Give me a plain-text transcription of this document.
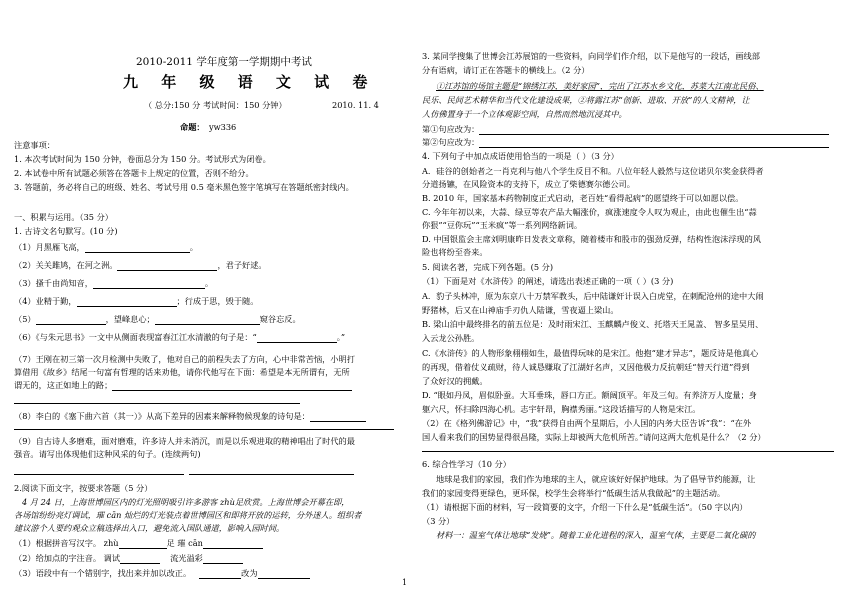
2010-2011 学年度第一学期期中考试
九 年 级 语 文 试 卷
（ 总分:150 分 考试时间：150 分钟）	2010. 11. 4
命题： yw336
注意事项：
1. 本次考试时间为 150 分钟，卷面总分为 150 分。考试形式为闭卷。
2. 本试卷中所有试题必须答在答题卡上规定的位置，否则不给分。
3. 答题前，务必将自己的班级、姓名、考试号用 0.5 毫米黑色签字笔填写在答题纸密封线内。
一、积累与运用。（35 分）
1. 古诗文名句默写。(10 分)
（1）月黑雁飞高，	。
（2）关关雎鸠，在河之洲。	，君子好逑。
（3）搔千由尚知音，	。
（4）业精于勤，	；行成于思，毁于随。
（5）	，望峰息心；	窥谷忘反。
（6）《与朱元思书》一文中从侧面表现富春江江水清澈的句子是：“	。”
（7）王刚在初三第一次月检测中失败了，他对自己的前程失去了方向，心中非常苦恼，小明打
算借用《故乡》结尾一句富有哲理的话来劝他，请你代他写在下面：希望是本无所谓有，无所
谓无的，这正如地上的路；
（8）李白的《塞下曲六首（其一）》从高下差异的因素来解释物候现象的诗句是：
（9）自古诗人多磨难，面对磨难，许多诗人并未消沉，而是以乐观进取的精神唱出了时代的最
强音。请写出体现他们这种风采的句子。(连续两句)
2.阅读下面文字，按要求答题（5 分）
4 月 24 日，上海世博园区内的灯光照明吸引许多游客 zhù足欣赏。上海世博会开幕在即，
各场馆纷纷亮灯调试，璀 cān 灿烂的灯光装点着世博园区和即将开放的运转，分外迷人。组织者
建议游个人要约观众立稿选择出入口，避免流入国队通道，影响入园时间。
（1）根据拼音写汉字。 zhù	足 璀 cān
（2）给加点的字注音。 调试	流光溢彩
（3）语段中有一个错别字，找出来并加以改正。	改为
3. 某同学搜集了世博会江苏展馆的一些资料，向同学们作介绍，以下是他写的一段话，画线部
分有语病，请订正在答题卡的横线上。（2 分）
①江苏馆的场馆主题是“锦绣江苏，美好家园”，完出了江苏水乡文化，苏菜大江南北民俗、
民乐、民间艺术精华和当代文化建设成果，②将露江苏“创新、进取、开放”的人文精神，让
人仿佛置身于一个立体观影空间，自然而然地沉浸其中。
第①句应改为：
第②句应改为：
4. 下列句子中加点成语使用恰当的一项是（ ）（3 分）
A．硅谷的创始者之一肖克利与他八个学生反目不和。八位年轻人毅然与这位诺贝尔奖金获得者
分道扬镳，在风险资本的支持下，成立了柴德赛尔德公司。
B. 2010 年，国家基本药物制度正式启动，老百姓“看得起病”的愿望终于可以如愿以偿。
C. 今年年初以来，大蒜、绿豆等农产品大幅涨价，疯涨速度令人叹为观止，由此也催生出“蒜
你狠”“豆你玩”“玉米疯”等一系列网络新词。
D. 中国银监会主席刘明康昨日发表文章称，随着楼市和股市的强劲反弹，结构性泡沫浮现的风
险也将纷至沓来。
5. 阅读名著，完成下列各题。(5 分)
（1）下面是对《水浒传》的阐述，请选出表述正确的一项（ ）(3 分)
A．豹子头林冲，原为东京八十万禁军教头，后中陆谦奸计误入白虎堂，在刺配沧州的途中大闹
野猪林，后又在山神庙手刃仇人陆谦，雪夜逼上梁山。
B. 梁山泊中最终排名的前五位是：及时雨宋江、玉麒麟卢俊义、托塔天王晁盖、 智多星吴用、
入云龙公孙胜。
C.《水浒传》的人物形象栩栩如生，最值得玩味的是宋江。他抱“建才异志”，题反诗是他真心
的再现，借着仗义疏财，待人诚恳赚取了江湖好名声，又因他极力反抗朝廷“替天行道”得到
了众好汉的拥戴。
D. “眼如丹凤，眉似卧蚕。大耳垂珠，唇口方正。额阔顶平。年及三旬。有养济万人度量；身
躯六尺，怀扫除四海心机。志宇轩昂，胸襟秀丽。”这段话描写的人物是宋江。
（2）在《格列佛游记》中，“我”获得自由两个星期后，小人国的内务大臣告诉“我”：“在外
国人看来我们的国势显得很昌隆，实际上却被两大危机所苦。”请问这两大危机是什么？（2 分）
6. 综合性学习（10 分）
地球是我们的家园，我们作为地球的主人，就应该好好保护地球。为了倡导节约能源，让
我们的家园变得更绿色，更环保，校学生会将举行“低碳生活从我做起”的主题活动。
（1）请根据下面的材料，写一段简要的文字，介绍一下什么是“低碳生活”。（50 字以内）
（3 分）
材料一：温室气体让地球“发烧”。随着工业化进程的深入，温室气体，主要是二氧化碳的
1
